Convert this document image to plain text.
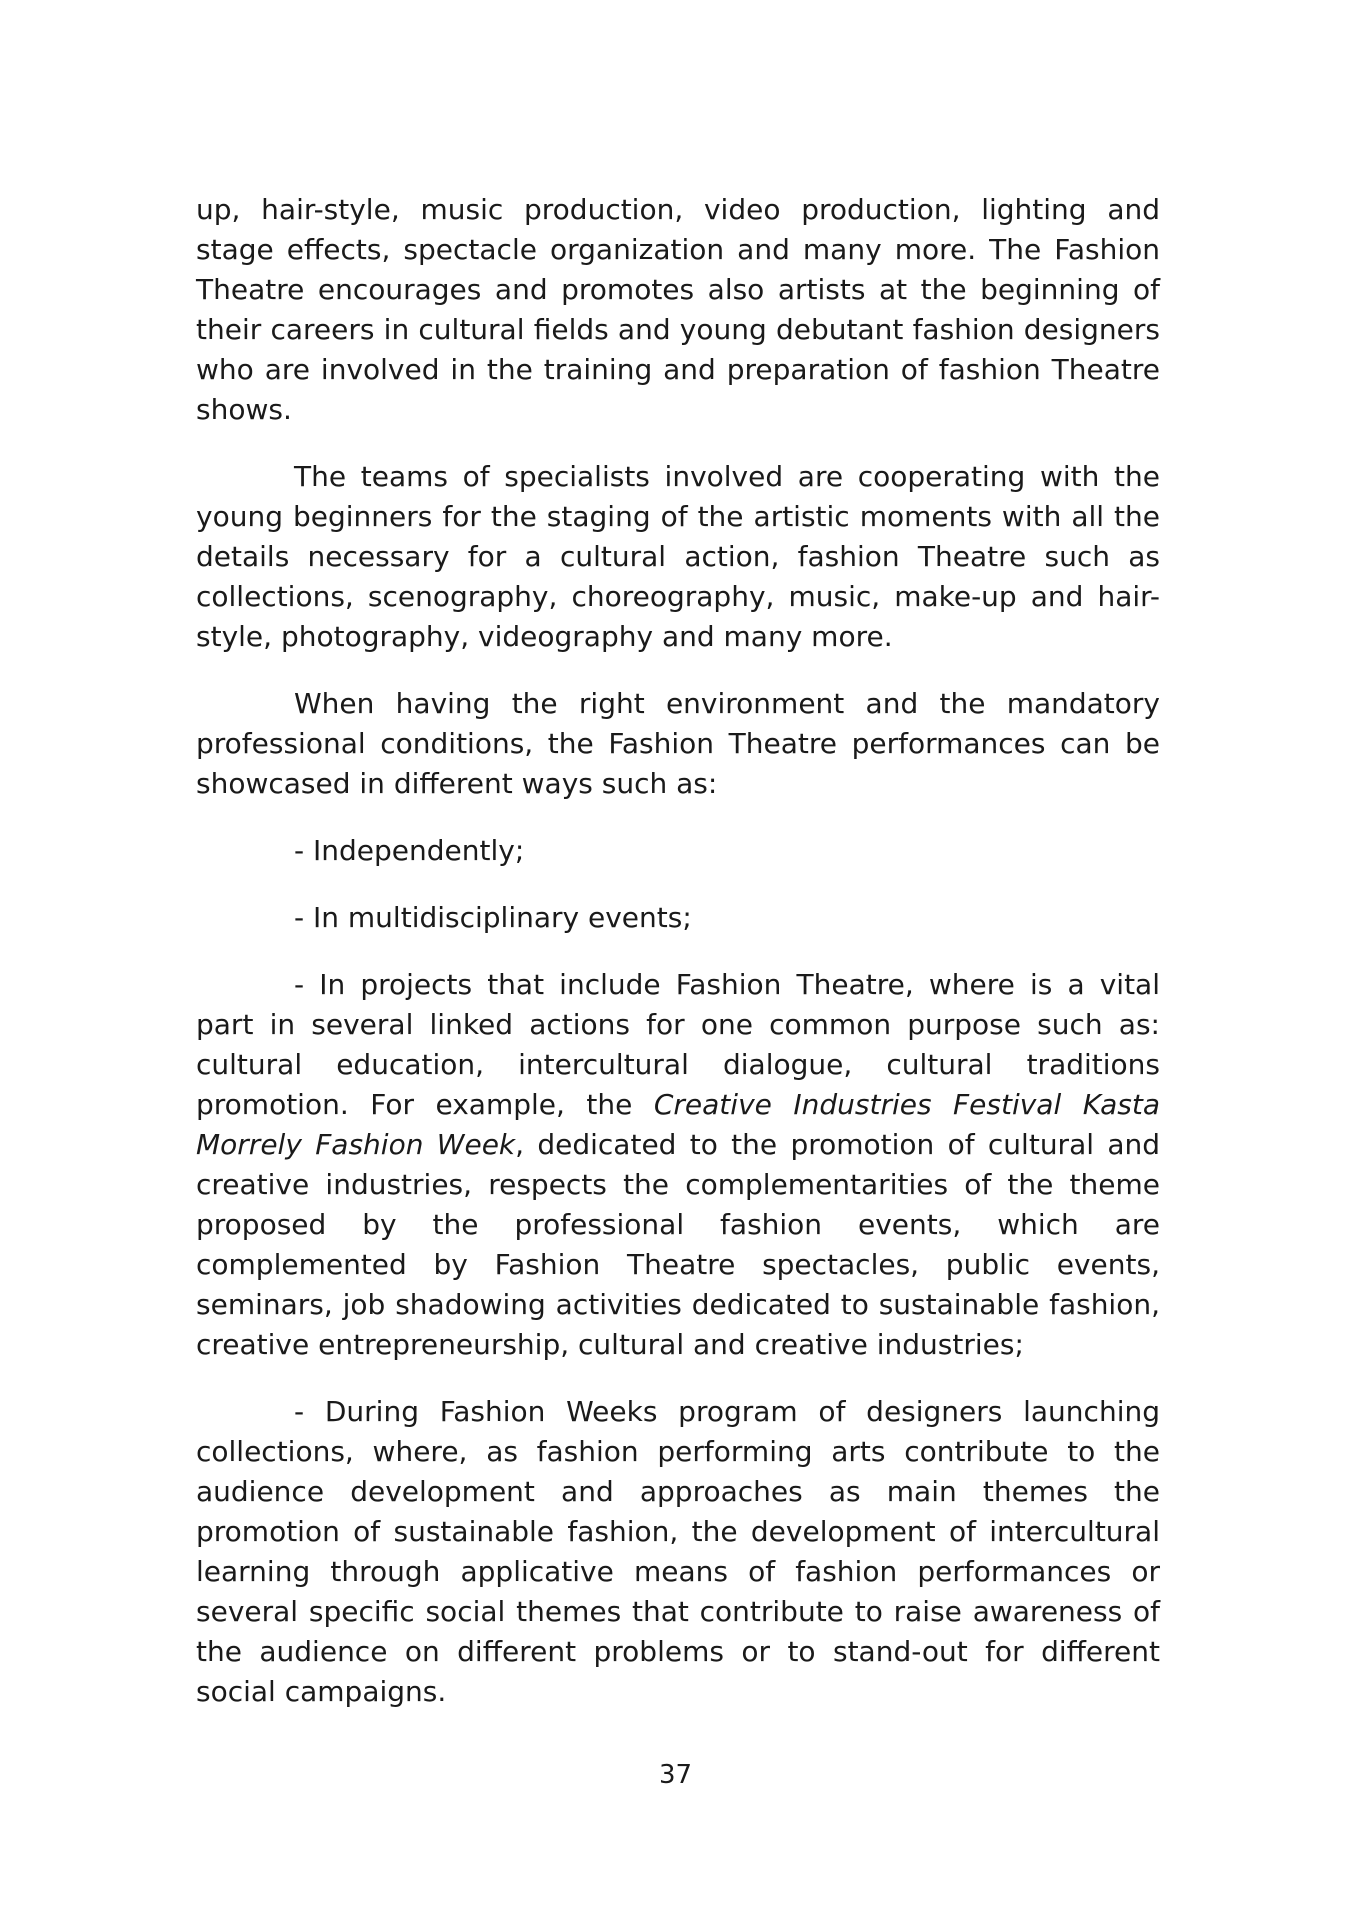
up, hair-style, music production, video production, lighting and stage effects, spectacle organization and many more. The Fashion Theatre encourages and promotes also artists at the beginning of their careers in cultural fields and young debutant fashion designers who are involved in the training and preparation of fashion Theatre shows.

The teams of specialists involved are cooperating with the young beginners for the staging of the artistic moments with all the details necessary for a cultural action, fashion Theatre such as collections, scenography, choreography, music, make-up and hair-style, photography, videography and many more.

When having the right environment and the mandatory professional conditions, the Fashion Theatre performances can be showcased in different ways such as:

- Independently;

- In multidisciplinary events;

- In projects that include Fashion Theatre, where is a vital part in several linked actions for one common purpose such as: cultural education, intercultural dialogue, cultural traditions promotion. For example, the Creative Industries Festival Kasta Morrely Fashion Week, dedicated to the promotion of cultural and creative industries, respects the complementarities of the theme proposed by the professional fashion events, which are complemented by Fashion Theatre spectacles, public events, seminars, job shadowing activities dedicated to sustainable fashion, creative entrepreneurship, cultural and creative industries;

- During Fashion Weeks program of designers launching collections, where, as fashion performing arts contribute to the audience development and approaches as main themes the promotion of sustainable fashion, the development of intercultural learning through applicative means of fashion performances or several specific social themes that contribute to raise awareness of the audience on different problems or to stand-out for different social campaigns.

37
